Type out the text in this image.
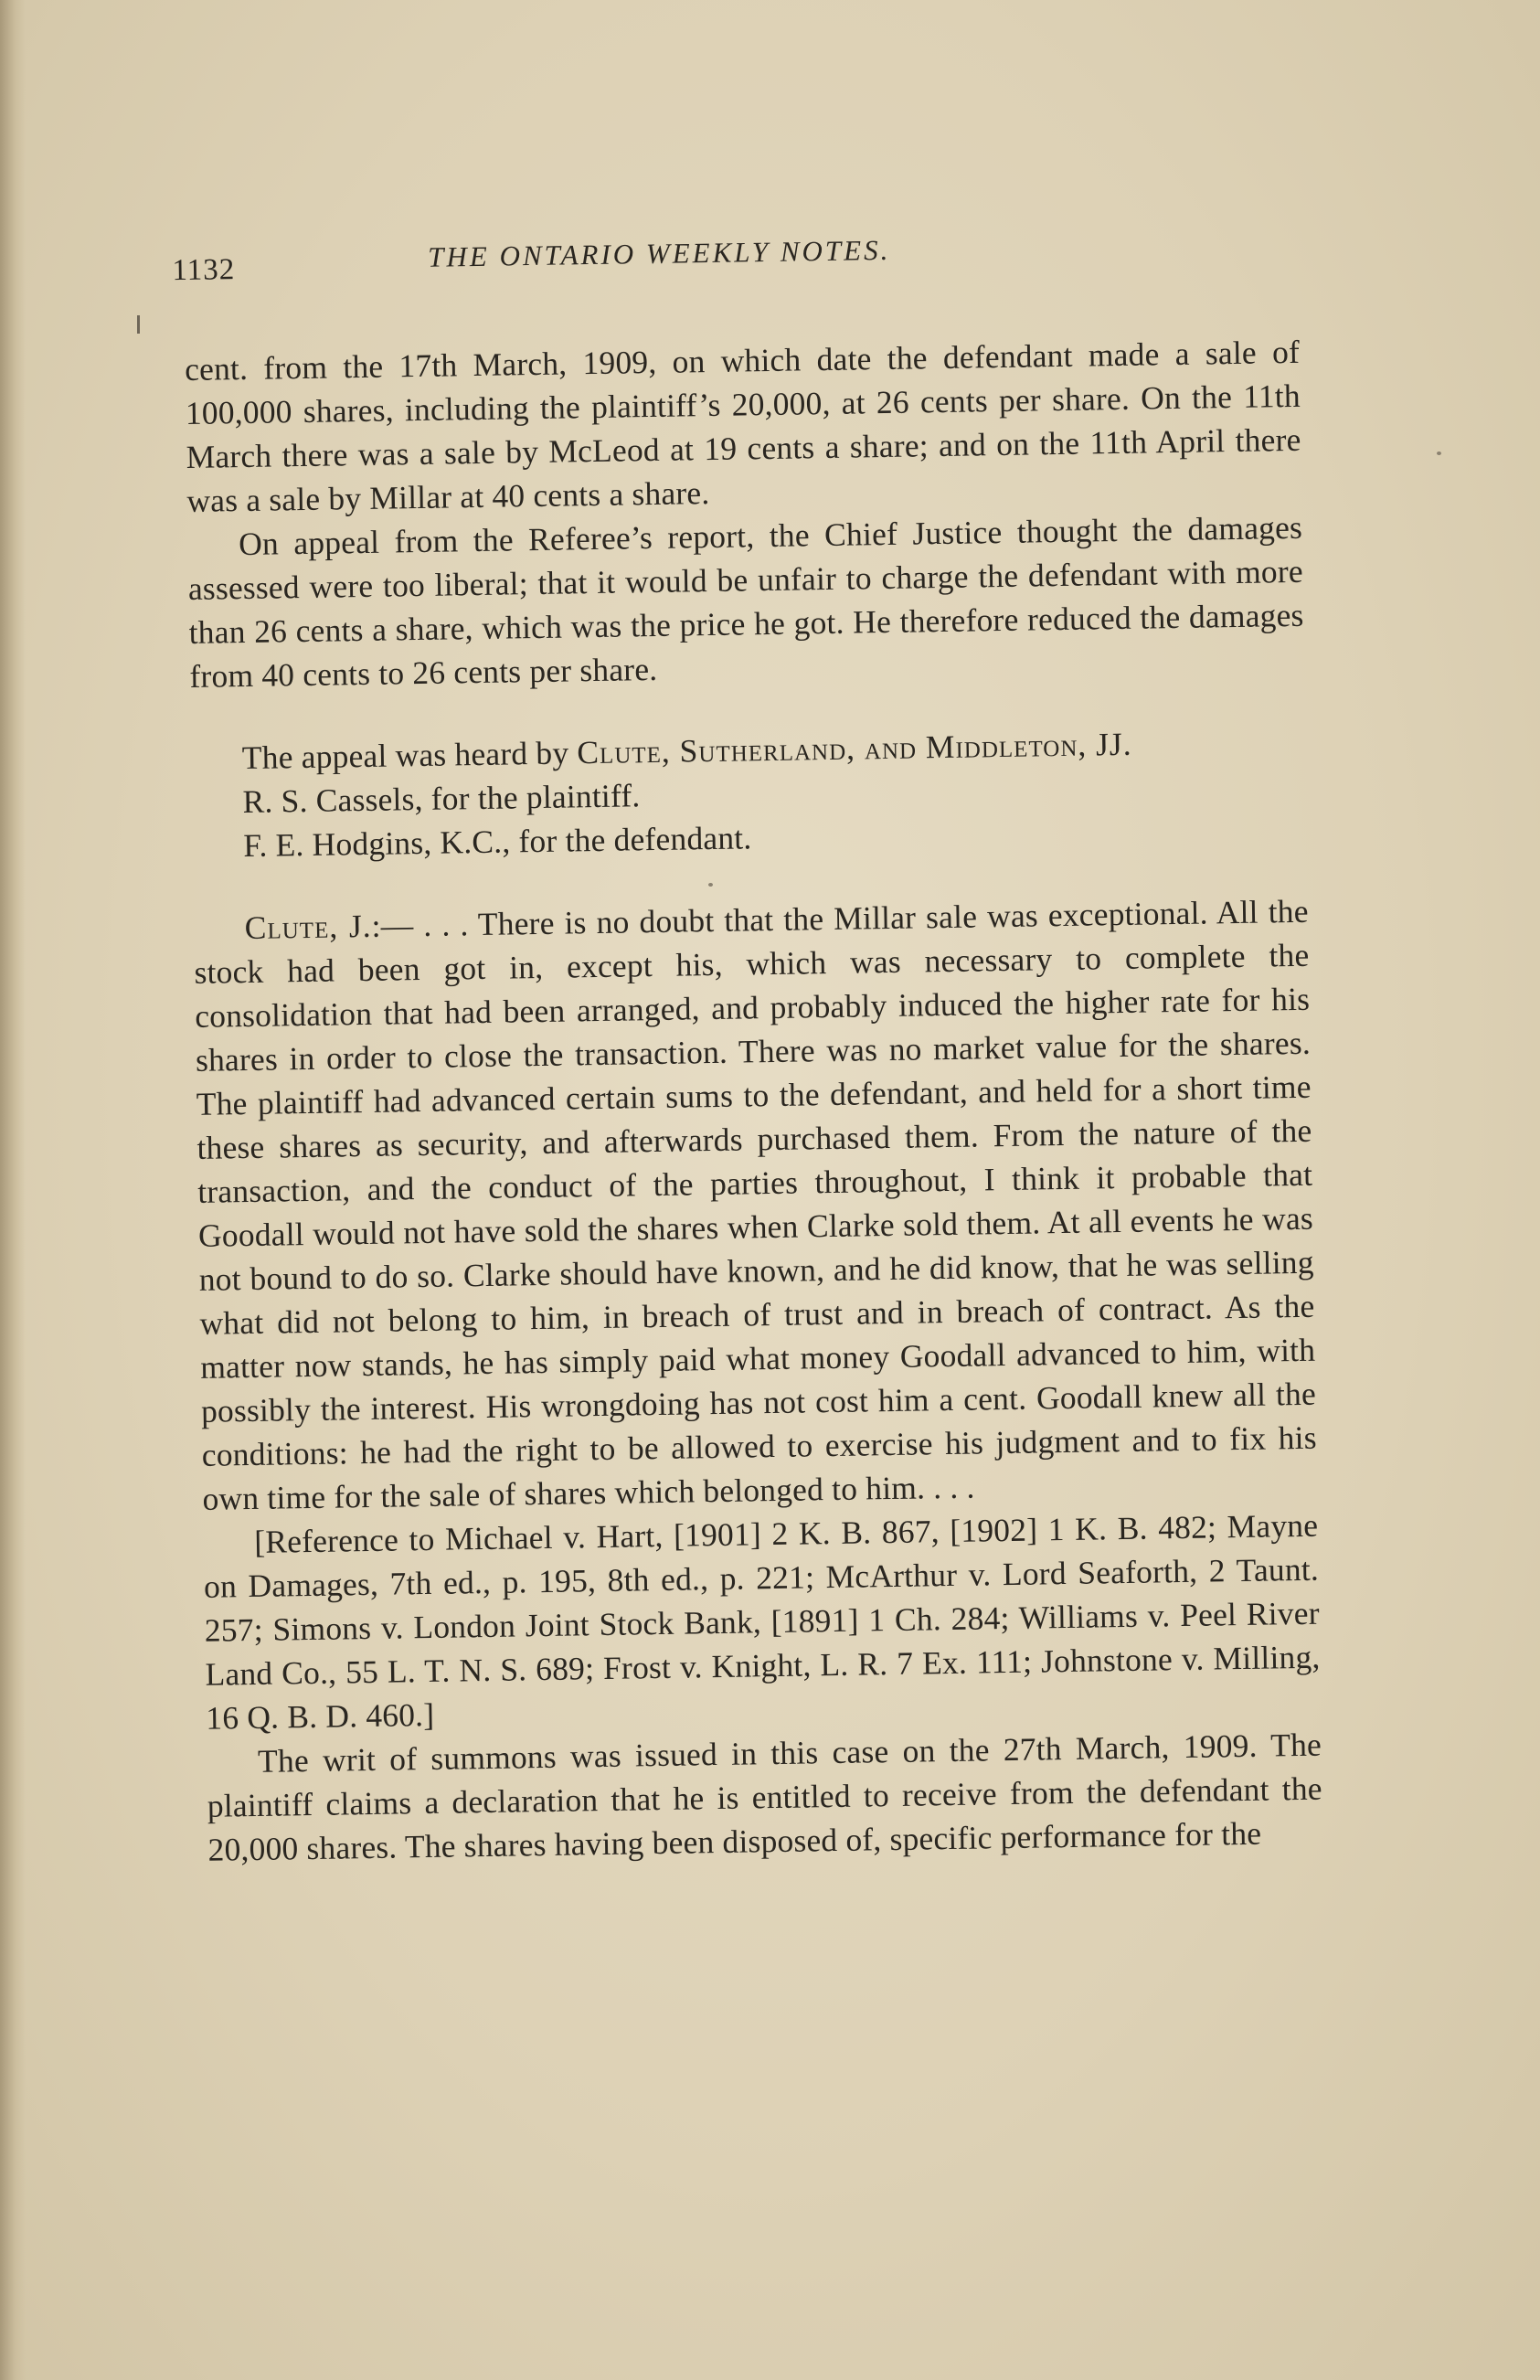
1132	THE ONTARIO WEEKLY NOTES.

cent. from the 17th March, 1909, on which date the defendant made a sale of 100,000 shares, including the plaintiff’s 20,000, at 26 cents per share. On the 11th March there was a sale by McLeod at 19 cents a share; and on the 11th April there was a sale by Millar at 40 cents a share.

On appeal from the Referee’s report, the Chief Justice thought the damages assessed were too liberal; that it would be unfair to charge the defendant with more than 26 cents a share, which was the price he got. He therefore reduced the damages from 40 cents to 26 cents per share.

The appeal was heard by Clute, Sutherland, and Middleton, JJ.

R. S. Cassels, for the plaintiff.

F. E. Hodgins, K.C., for the defendant.

Clute, J.:— . . . There is no doubt that the Millar sale was exceptional. All the stock had been got in, except his, which was necessary to complete the consolidation that had been arranged, and probably induced the higher rate for his shares in order to close the transaction. There was no market value for the shares. The plaintiff had advanced certain sums to the defendant, and held for a short time these shares as security, and afterwards purchased them. From the nature of the transaction, and the conduct of the parties throughout, I think it probable that Goodall would not have sold the shares when Clarke sold them. At all events he was not bound to do so. Clarke should have known, and he did know, that he was selling what did not belong to him, in breach of trust and in breach of contract. As the matter now stands, he has simply paid what money Goodall advanced to him, with possibly the interest. His wrongdoing has not cost him a cent. Goodall knew all the conditions: he had the right to be allowed to exercise his judgment and to fix his own time for the sale of shares which belonged to him. . . .

[Reference to Michael v. Hart, [1901] 2 K. B. 867, [1902] 1 K. B. 482; Mayne on Damages, 7th ed., p. 195, 8th ed., p. 221; McArthur v. Lord Seaforth, 2 Taunt. 257; Simons v. London Joint Stock Bank, [1891] 1 Ch. 284; Williams v. Peel River Land Co., 55 L. T. N. S. 689; Frost v. Knight, L. R. 7 Ex. 111; Johnstone v. Milling, 16 Q. B. D. 460.]

The writ of summons was issued in this case on the 27th March, 1909. The plaintiff claims a declaration that he is entitled to receive from the defendant the 20,000 shares. The shares having been disposed of, specific performance for the
